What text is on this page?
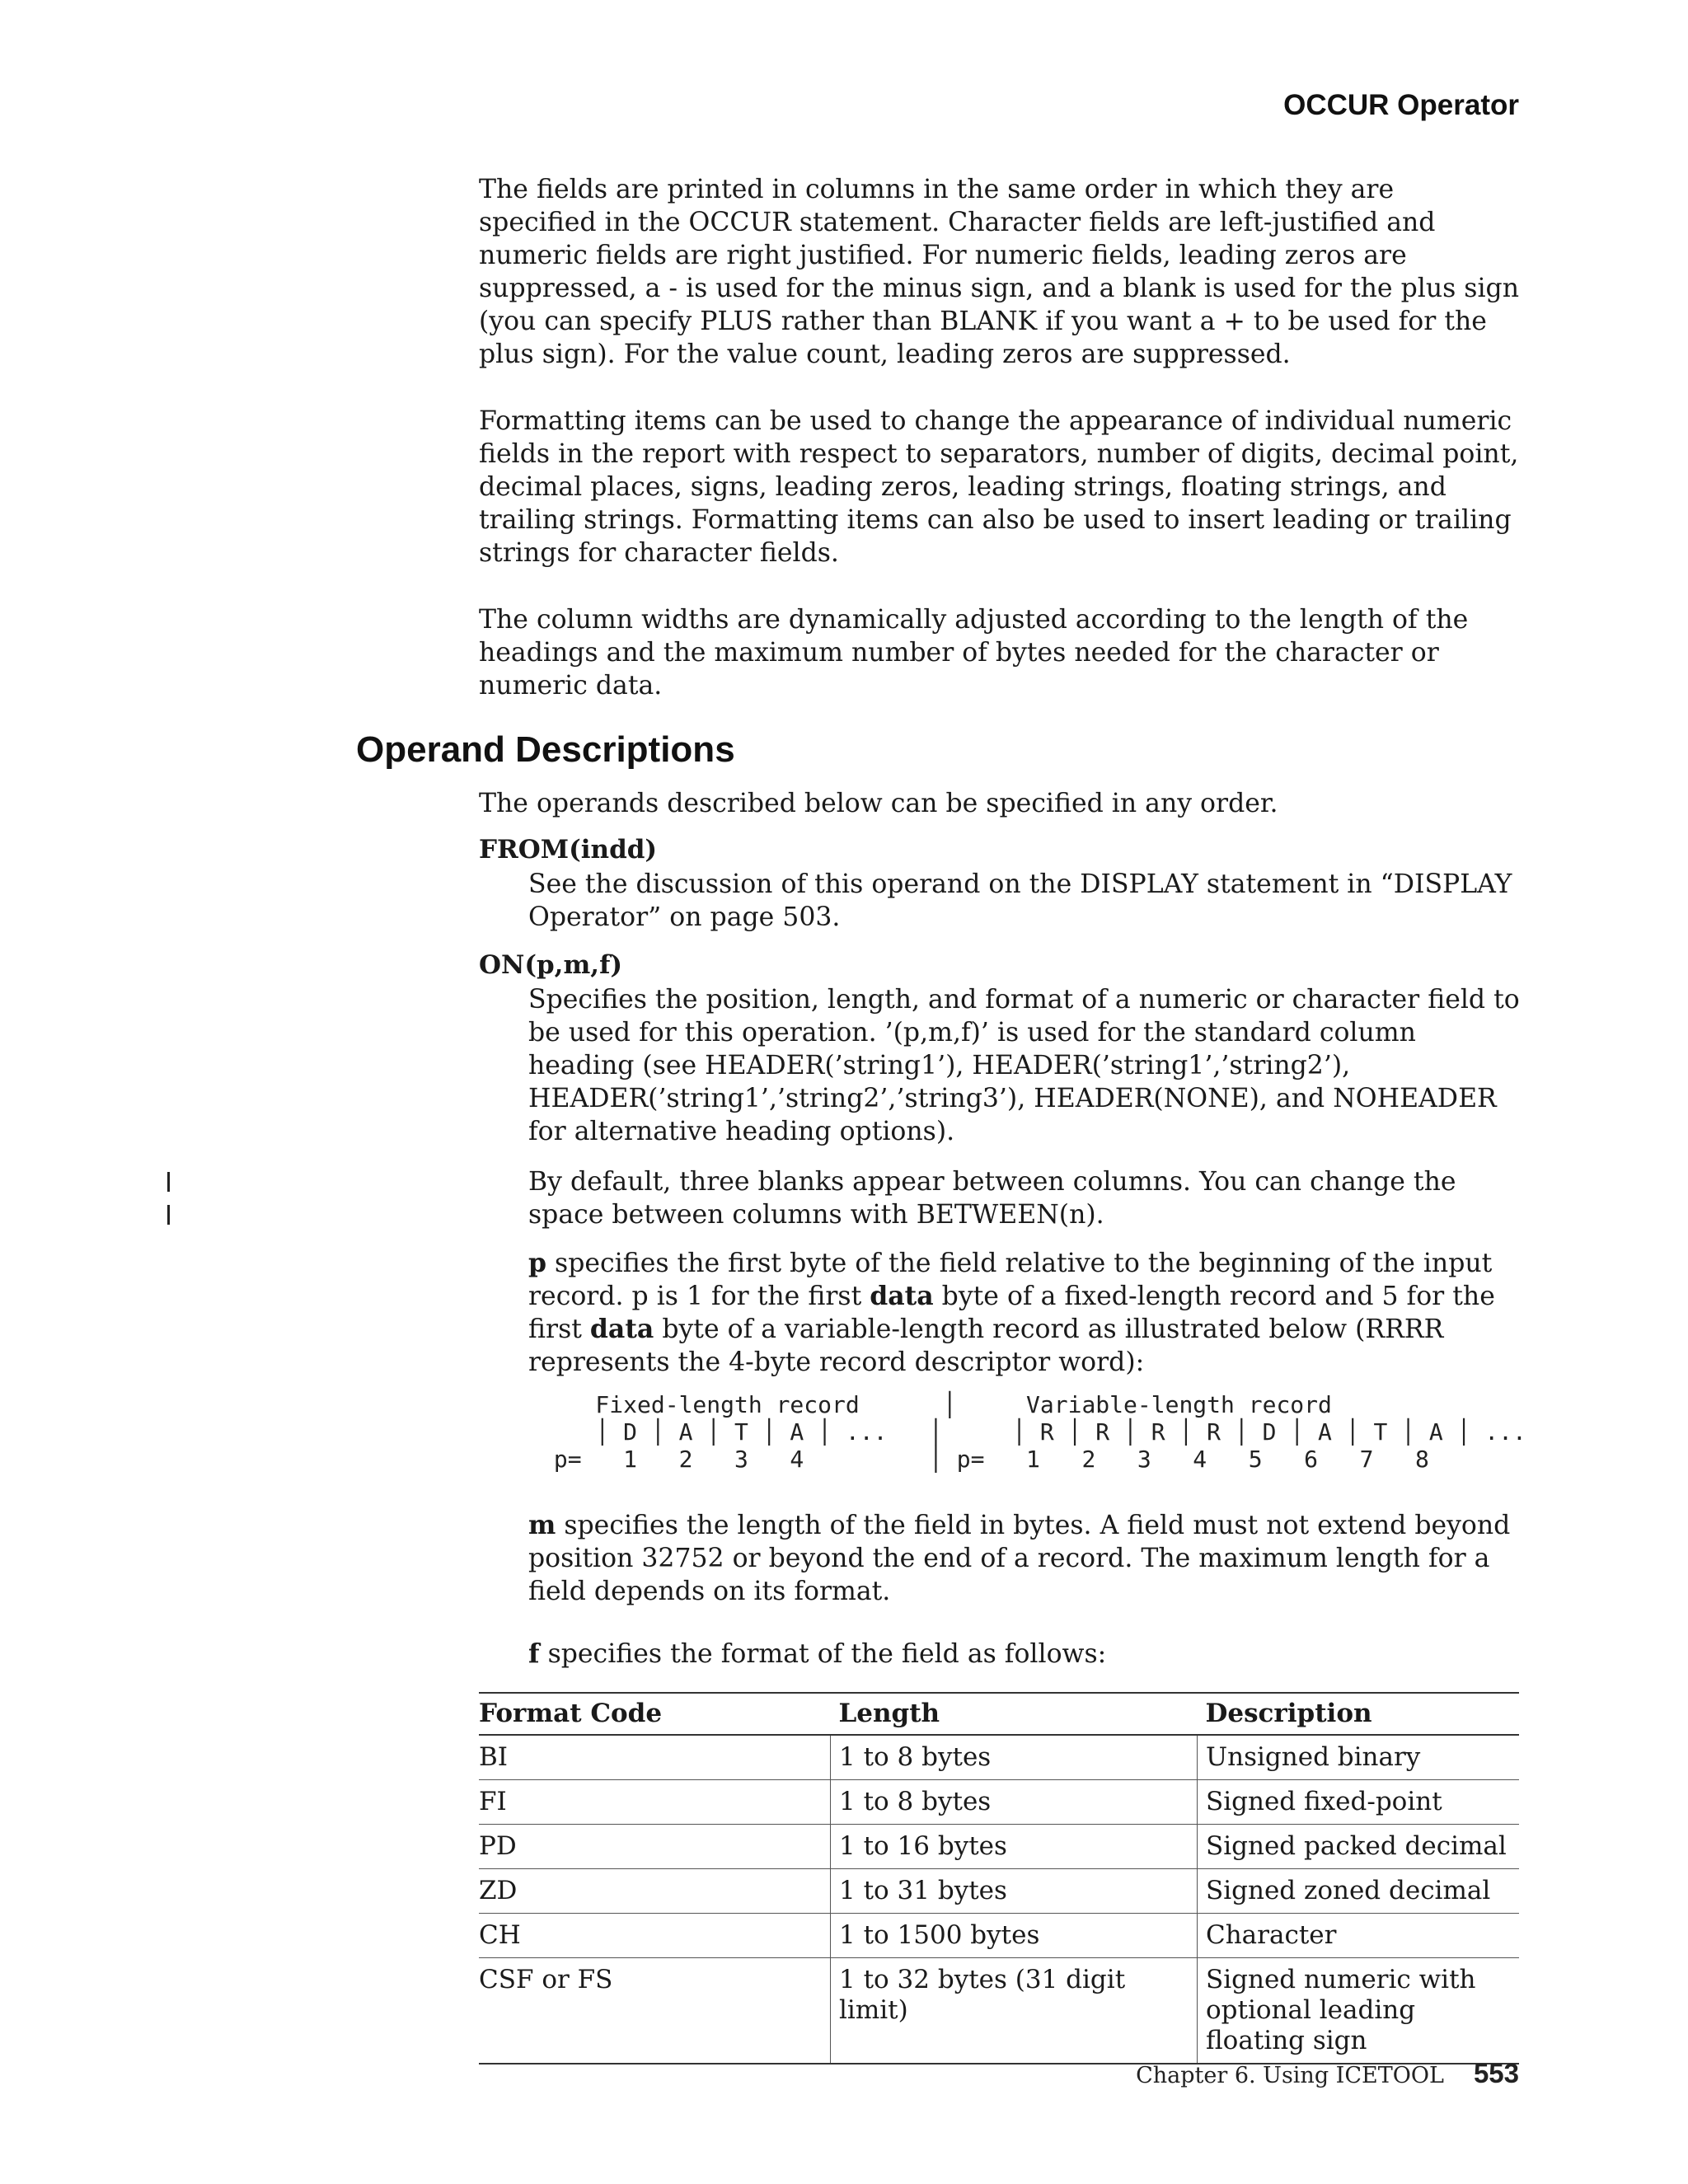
OCCUR Operator

The fields are printed in columns in the same order in which they are specified in the OCCUR statement. Character fields are left-justified and numeric fields are right justified. For numeric fields, leading zeros are suppressed, a - is used for the minus sign, and a blank is used for the plus sign (you can specify PLUS rather than BLANK if you want a + to be used for the plus sign). For the value count, leading zeros are suppressed.

Formatting items can be used to change the appearance of individual numeric fields in the report with respect to separators, number of digits, decimal point, decimal places, signs, leading zeros, leading strings, floating strings, and trailing strings. Formatting items can also be used to insert leading or trailing strings for character fields.

The column widths are dynamically adjusted according to the length of the headings and the maximum number of bytes needed for the character or numeric data.

Operand Descriptions

The operands described below can be specified in any order.

FROM(indd)

See the discussion of this operand on the DISPLAY statement in “DISPLAY Operator” on page 503.

ON(p,m,f)

Specifies the position, length, and format of a numeric or character field to be used for this operation. ’(p,m,f)’ is used for the standard column heading (see HEADER(’string1’), HEADER(’string1’,’string2’), HEADER(’string1’,’string2’,’string3’), HEADER(NONE), and NOHEADER for alternative heading options).

By default, three blanks appear between columns. You can change the space between columns with BETWEEN(n).

p specifies the first byte of the field relative to the beginning of the input record. p is 1 for the first data byte of a fixed-length record and 5 for the first data byte of a variable-length record as illustrated below (RRRR represents the 4-byte record descriptor word):

Fixed-length record      │     Variable-length record
│ D │ A │ T │ A │ ...   │     │ R │ R │ R │ R │ D │ A │ T │ A │ ...
p=   1   2   3   4         │ p=   1   2   3   4   5   6   7   8

m specifies the length of the field in bytes. A field must not extend beyond position 32752 or beyond the end of a record. The maximum length for a field depends on its format.

f specifies the format of the field as follows:

Format Code	Length	Description
BI	1 to 8 bytes	Unsigned binary
FI	1 to 8 bytes	Signed fixed-point
PD	1 to 16 bytes	Signed packed decimal
ZD	1 to 31 bytes	Signed zoned decimal
CH	1 to 1500 bytes	Character
CSF or FS	1 to 32 bytes (31 digit limit)	Signed numeric with optional leading floating sign
Chapter 6. Using ICETOOL 553
